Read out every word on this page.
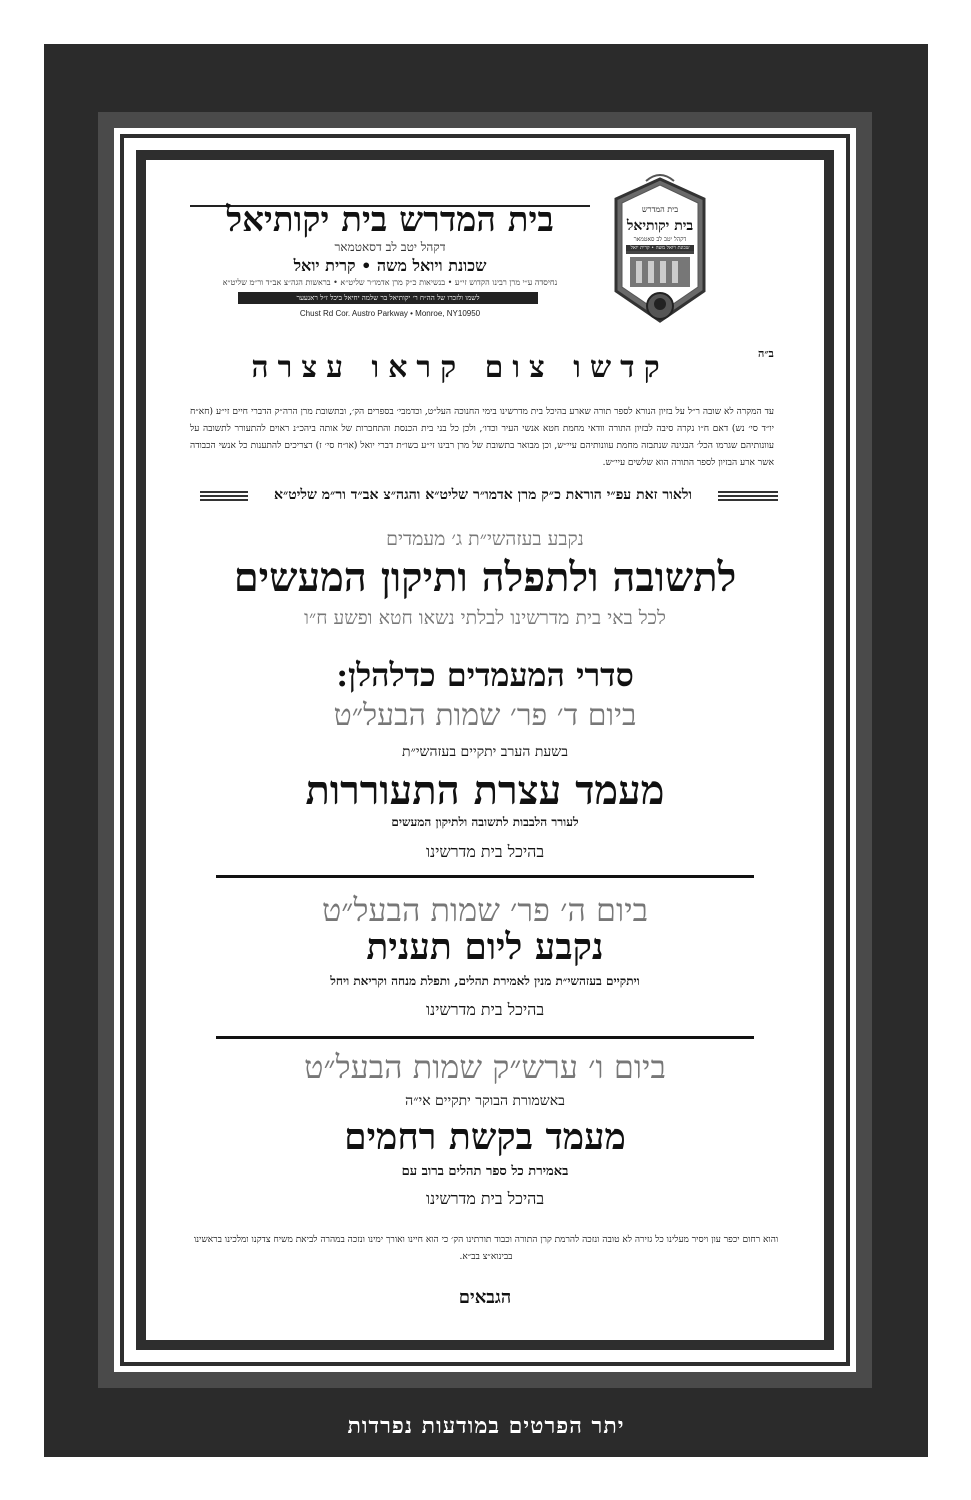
בית המדרש
בית יקותיאל
דקהל יטב לב סאטמאר
שכונת ויואל משה • קרית יואל
בית המדרש בית יקותיאל
דקהל יטב לב דסאטמאר
שכונת ויואל משה • קרית יואל
נחיסדה ע״י מרן רבינו הקדוש זי״ע • בנשיאות כ״ק מרן אדמו״ר שליט״א • בראשות הגה״צ אב״ד ור״מ שליט״א
לשמו ולזכרו של הה״ח ר׳ יקותיאל בר שלמה יחיאל ביכל ז״ל ראנעער
Chust Rd Cor. Austro Parkway • Monroe, NY10950
ב״ה
קדשו צום קראו עצרה
עד המקרה לא שובה ר״ל על בזיון הנורא לספר תורה שארע בהיכל בית מדרשינו בימי החנוכה העל״ט, וכדמבי׳ בספרים הק׳, ובתשובת מרן הרה״ק הדברי חיים זי״ע (חא״ח יו״ד סי׳ נש) דאם ח״ו נקרה סיבה לבזיון התורה וודאי מחמת חטא אנשי העיר וכדו׳, ולכן כל בני בית הכנסת והתחברות של אותה ביהכ״נ ראוים להתעורר לתשובה על עוונותיהם שגרמו הכל׳ הבגינה שנתבזה מחמת עוונותיהם עיי״ש, וכן מבואר בתשובת של מרן רבינו זי״ע בשו״ת דברי יואל (או״ח סי׳ ז) דצריכים להתענות כל אנשי הכבודה אשר ארע הבזיון לספר התורה הוא שלשים עיי״ש.
ולאור זאת עפ״י הוראת כ״ק מרן אדמו״ר שליט״א והגה״צ אב״ד ור״מ שליט״א
נקבע בעזהשי״ת ג׳ מעמדים
לתשובה ולתפלה ותיקון המעשים
לכל באי בית מדרשינו לבלתי נשאו חטא ופשע ח״ו
סדרי המעמדים כדלהלן:
ביום ד׳ פר׳ שמות הבעל״ט
בשעת הערב יתקיים בעזהשי״ת
מעמד עצרת התעוררות
לעורר הלבבות לתשובה ולתיקון המעשים
בהיכל בית מדרשינו
ביום ה׳ פר׳ שמות הבעל״ט
נקבע ליום תענית
ויתקיים בעזהשי״ת מנין לאמירת תהלים, ותפלת מנחה וקריאת ויחל
בהיכל בית מדרשינו
ביום ו׳ ערש״ק שמות הבעל״ט
באשמורת הבוקר יתקיים אי״ה
מעמד בקשת רחמים
באמירת כל ספר תהלים ברוב עם
בהיכל בית מדרשינו
והוא רחום יכפר עון ויסיר מעלינו כל גזירה לא טובה ונזכה להרמת קרן התורה וכבוד תורתינו הק׳ כי הוא חיינו ואורך ימינו ונזכה במהרה לביאת משיח צדקנו ומלכינו בראשינו בבינוא״צ בב״א.
הגבאים
יתר הפרטים במודעות נפרדות
